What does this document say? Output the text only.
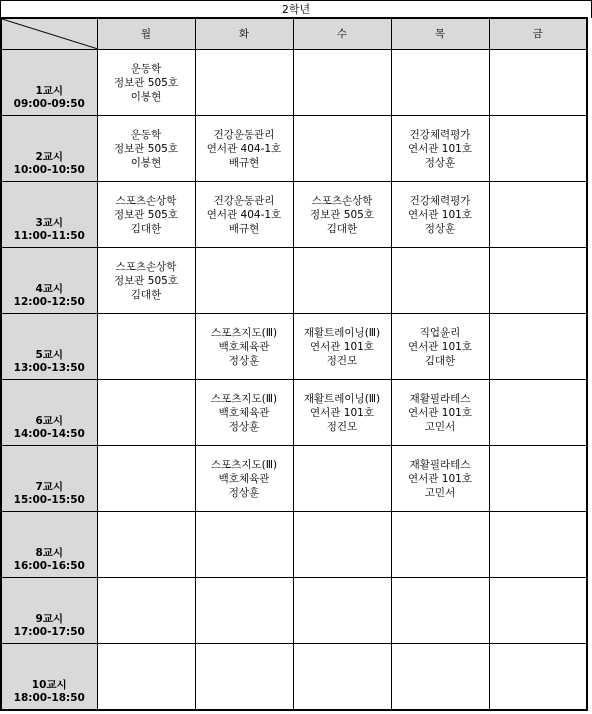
2학년
	월	화	수	목	금

1교시
09:00-09:50	운동학
정보관 505호
이봉현				

2교시
10:00-10:50	운동학
정보관 505호
이봉현	건강운동관리
연서관 404-1호
배규현		건강체력평가
연서관 101호
정상훈	

3교시
11:00-11:50	스포츠손상학
정보관 505호
김대한	건강운동관리
연서관 404-1호
배규현	스포츠손상학
정보관 505호
김대한	건강체력평가
연서관 101호
정상훈	

4교시
12:00-12:50	스포츠손상학
정보관 505호
김대한				

5교시
13:00-13:50		스포츠지도(Ⅲ)
백호체육관
정상훈	재활트레이닝(Ⅲ)
연서관 101호
정건모	직업윤리
연서관 101호
김대한	

6교시
14:00-14:50		스포츠지도(Ⅲ)
백호체육관
정상훈	재활트레이닝(Ⅲ)
연서관 101호
정건모	재활필라테스
연서관 101호
고민서	

7교시
15:00-15:50		스포츠지도(Ⅲ)
백호체육관
정상훈		재활필라테스
연서관 101호
고민서	

8교시
16:00-16:50					

9교시
17:00-17:50					

10교시
18:00-18:50					
